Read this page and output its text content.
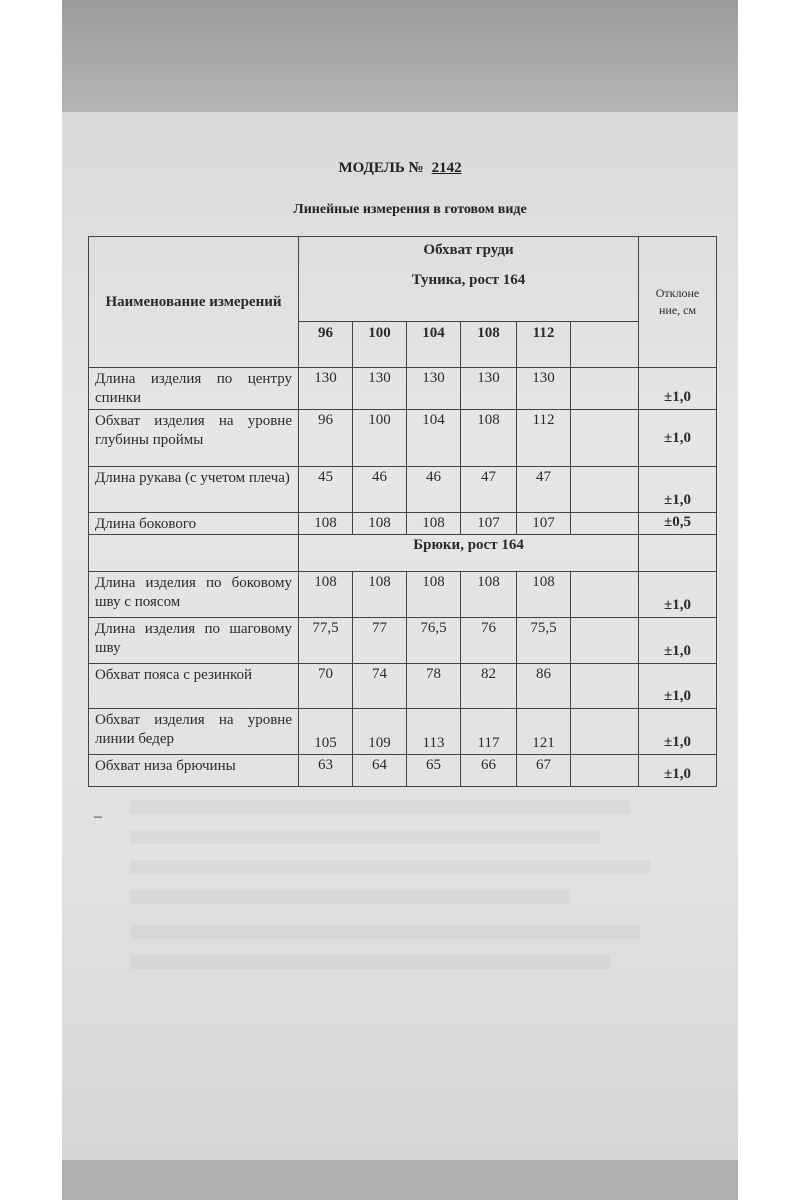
МОДЕЛЬ № 2142
Линейные измерения в готовом виде
Наименование измерений	Обхват груди
Туника, рост 164						Отклоне ние, см
	96	100	104	108	112		
Длина изделия по центру спинки	130	130	130	130	130		±1,0
Обхват изделия на уровне глубины проймы	96	100	104	108	112		±1,0
Длина рукава (с учетом плеча)	45	46	46	47	47		±1,0
Длина бокового	108	108	108	107	107		±0,5
	Брюки, рост 164						
Длина изделия по боковому шву с поясом	108	108	108	108	108		±1,0
Длина изделия по шаговому шву	77,5	77	76,5	76	75,5		±1,0
Обхват пояса с резинкой	70	74	78	82	86		±1,0
Обхват изделия на уровне линии бедер	105	109	113	117	121		±1,0
Обхват низа брючины	63	64	65	66	67		±1,0
–
